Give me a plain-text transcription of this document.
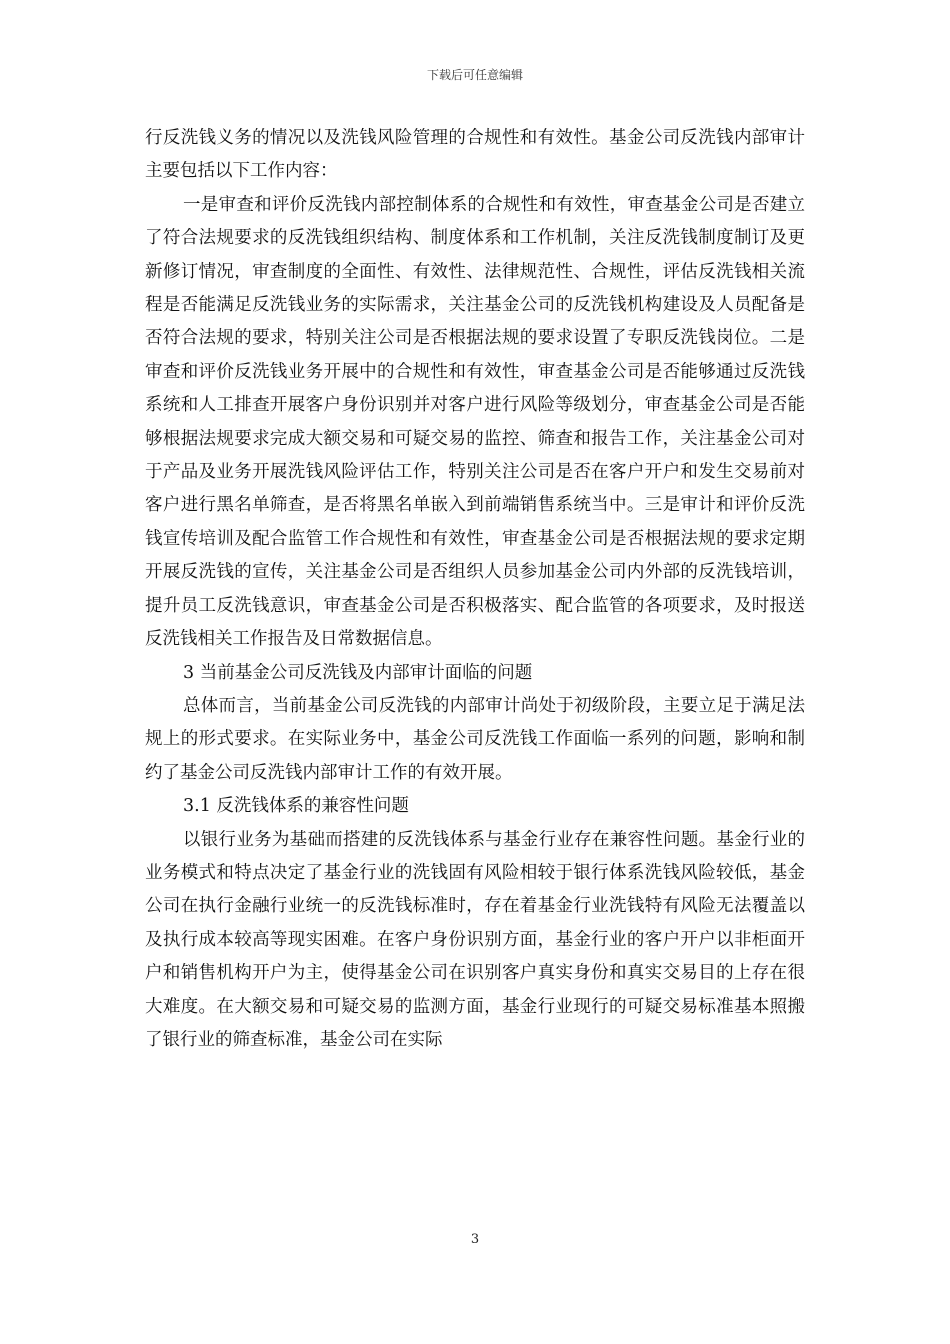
下载后可任意编辑

行反洗钱义务的情况以及洗钱风险管理的合规性和有效性。基金公司反洗钱内部审计主要包括以下工作内容：

一是审查和评价反洗钱内部控制体系的合规性和有效性，审查基金公司是否建立了符合法规要求的反洗钱组织结构、制度体系和工作机制，关注反洗钱制度制订及更新修订情况，审查制度的全面性、有效性、法律规范性、合规性，评估反洗钱相关流程是否能满足反洗钱业务的实际需求，关注基金公司的反洗钱机构建设及人员配备是否符合法规的要求，特别关注公司是否根据法规的要求设置了专职反洗钱岗位。二是审查和评价反洗钱业务开展中的合规性和有效性，审查基金公司是否能够通过反洗钱系统和人工排查开展客户身份识别并对客户进行风险等级划分，审查基金公司是否能够根据法规要求完成大额交易和可疑交易的监控、筛查和报告工作，关注基金公司对于产品及业务开展洗钱风险评估工作，特别关注公司是否在客户开户和发生交易前对客户进行黑名单筛查，是否将黑名单嵌入到前端销售系统当中。三是审计和评价反洗钱宣传培训及配合监管工作合规性和有效性，审查基金公司是否根据法规的要求定期开展反洗钱的宣传，关注基金公司是否组织人员参加基金公司内外部的反洗钱培训，提升员工反洗钱意识，审查基金公司是否积极落实、配合监管的各项要求，及时报送反洗钱相关工作报告及日常数据信息。

3 当前基金公司反洗钱及内部审计面临的问题

总体而言，当前基金公司反洗钱的内部审计尚处于初级阶段，主要立足于满足法规上的形式要求。在实际业务中，基金公司反洗钱工作面临一系列的问题，影响和制约了基金公司反洗钱内部审计工作的有效开展。

3.1 反洗钱体系的兼容性问题

以银行业务为基础而搭建的反洗钱体系与基金行业存在兼容性问题。基金行业的业务模式和特点决定了基金行业的洗钱固有风险相较于银行体系洗钱风险较低，基金公司在执行金融行业统一的反洗钱标准时，存在着基金行业洗钱特有风险无法覆盖以及执行成本较高等现实困难。在客户身份识别方面，基金行业的客户开户以非柜面开户和销售机构开户为主，使得基金公司在识别客户真实身份和真实交易目的上存在很大难度。在大额交易和可疑交易的监测方面，基金行业现行的可疑交易标准基本照搬了银行业的筛查标准，基金公司在实际

3
